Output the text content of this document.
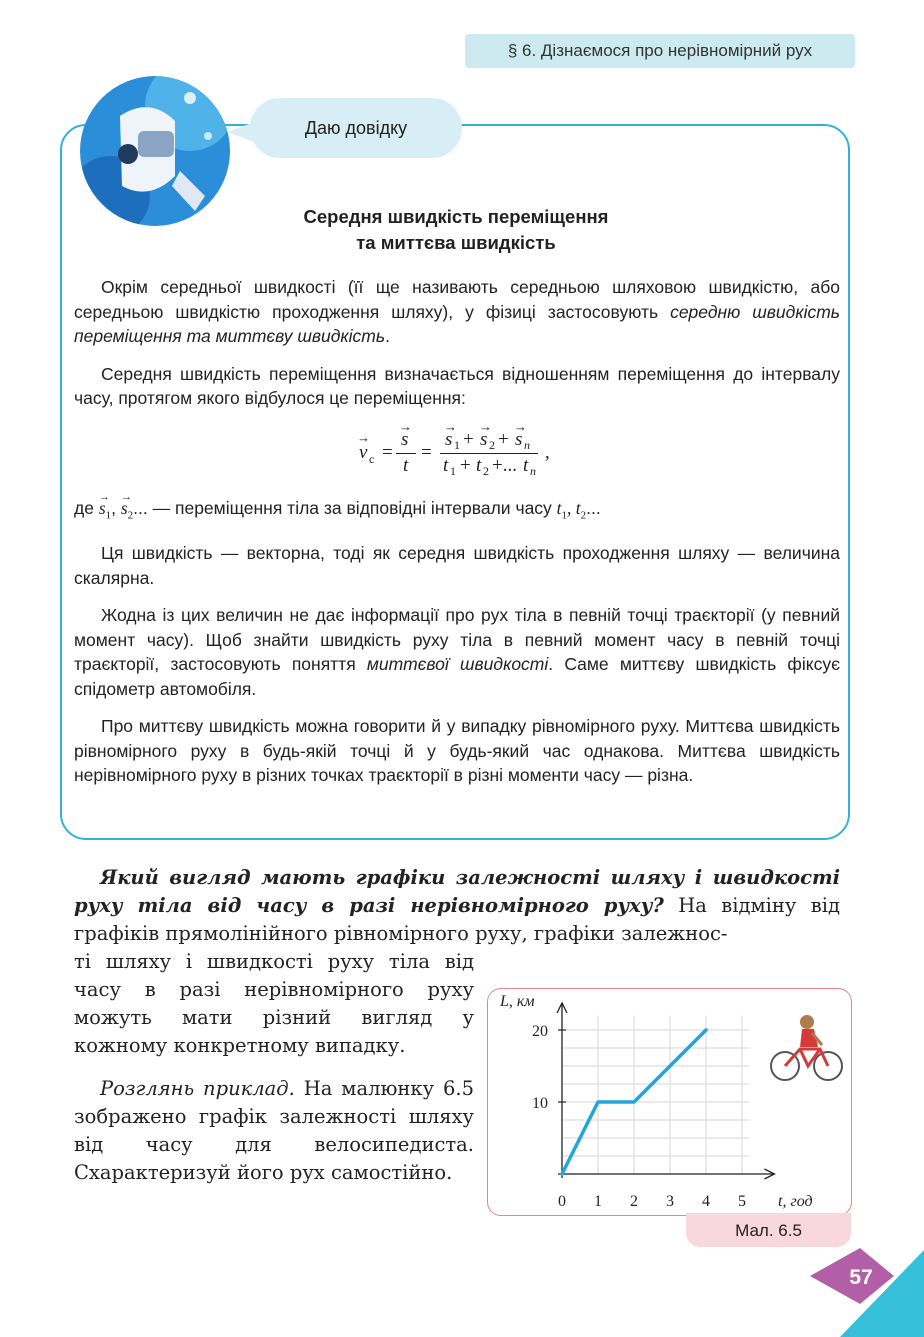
§ 6. Дізнаємося про нерівномірний рух
Даю довідку
Середня швидкість переміщення
та миттєва швидкість

Окрім середньої швидкості (її ще називають середньою шляховою швидкістю, або середньою швидкістю проходження шляху), у фізиці застосовують середню швидкість переміщення та миттєву швидкість.

Середня швидкість переміщення визначається відношенням переміщення до інтервалу часу, протягом якого відбулося це переміщення:

→
v c =
→
s
t
=
→
s 1 +
→
s 2 +
→
s n
t 1 + t 2 +... t n
,

де
→
$s_1$,
→
$s_2$... — переміщення тіла за відповідні інтервали часу $t_1$, $t_2$...

Ця швидкість — векторна, тоді як середня швидкість проходження шляху — величина скалярна.

Жодна із цих величин не дає інформації про рух тіла в певній точці траєкторії (у певний момент часу). Щоб знайти швидкість руху тіла в певний момент часу в певній точці траєкторії, застосовують поняття миттєвої швидкості. Саме миттєву швидкість фіксує спідометр автомобіля.

Про миттєву швидкість можна говорити й у випадку рівномірного руху. Миттєва швидкість рівномірного руху в будь-якій точці й у будь-який час однакова. Миттєва швидкість нерівномірного руху в різних точках траєкторії в різні моменти часу — різна.

Який вигляд мають графіки залежності шляху і швидкості руху тіла від часу в разі нерівномірного руху? На відміну від графіків прямолінійного рівномірного руху, графіки залежнос-
ті шляху і швидкості руху тіла від часу в разі нерівномірного руху можуть мати різний вигляд у кожному конкретному випадку.
Розглянь приклад. На малюнку 6.5 зображено графік залежності шляху від часу для велосипедиста. Схарактеризуй його рух самостійно.
0 1 2 3 4 5
10
20
L, км
t, год
Мал. 6.5
57
